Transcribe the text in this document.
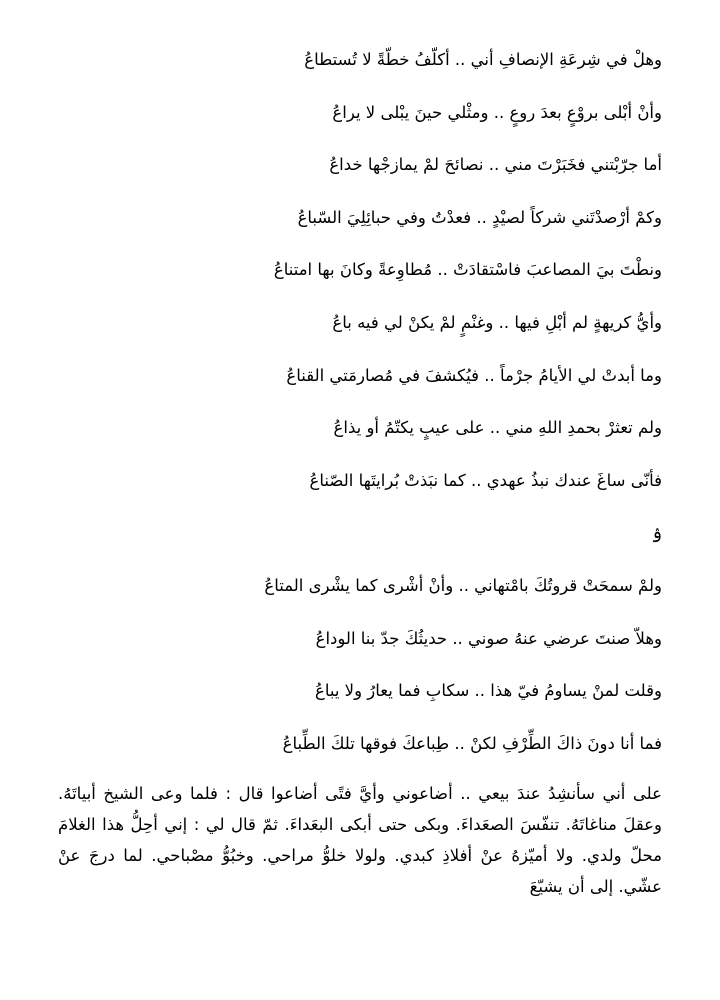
وهلْ في شِرعَةِ الإنصافِ أني .. أكلّفُ خطّةً لا تُستطاعُ
وأنْ أبْلى بروْعٍ بعدَ روعٍ .. ومثْلي حينَ يبْلى لا يراعُ
أما جرّبْتني فخَبَرْتَ مني .. نصائحَ لمْ يمازجْها خداعُ
وكمْ أرْصدْتَني شركاً لصيْدٍ .. فعدْتُ وفي حبائِلِيَ السّباعُ
ونطْتَ بيَ المصاعبَ فاسْتقادَتْ .. مُطاوِعةً وكانَ بها امتناعُ
وأيُّ كريهةٍ لم أبْلِ فيها .. وغنْمٍ لمْ يكنْ لي فيه باعُ
وما أبدتْ لي الأيامُ جرْماً .. فيُكشفَ في مُصارمَتي القناعُ
ولم تعثرْ بحمدِ اللهِ مني .. على عيبٍ يكتّمُ أو يذاعُ
فأنّى ساغَ عندك نبذُ عهدي .. كما نبَذتْ بُرايتَها الصّناعُ
ۉ
ولمْ سمحَتْ قروتُكَ بامْتهاني .. وأنْ أشْرى كما يشْرى المتاعُ
وهلاّ صنتَ عرضي عنهُ صوني .. حديثُكَ جدّ بنا الوداعُ
وقلت لمنْ يساومُ فيّ هذا .. سكابِ فما يعارُ ولا يباعُ
فما أنا دونَ ذاكَ الطِّرْفِ لكنْ .. طِباعكَ فوقها تلكَ الطِّباعُ

على أني سأنشِدُ عندَ بيعي .. أضاعوني وأيَّ فتًى أضاعوا قال : فلما وعى الشيخ أبياتَهُ. وعقلَ مناغاتَهُ. تنفّسَ الصعَداءَ. وبكى حتى أبكى البعَداءَ. ثمّ قال لي : إني أحِلُّ هذا الغلامَ محلّ ولدي. ولا أميّزهُ عنْ أفلاذِ كبدي. ولولا خلوُّ مراحي. وخبُوُّ مصْباحي. لما درجَ عنْ عشّي. إلى أن يشيّعَ
